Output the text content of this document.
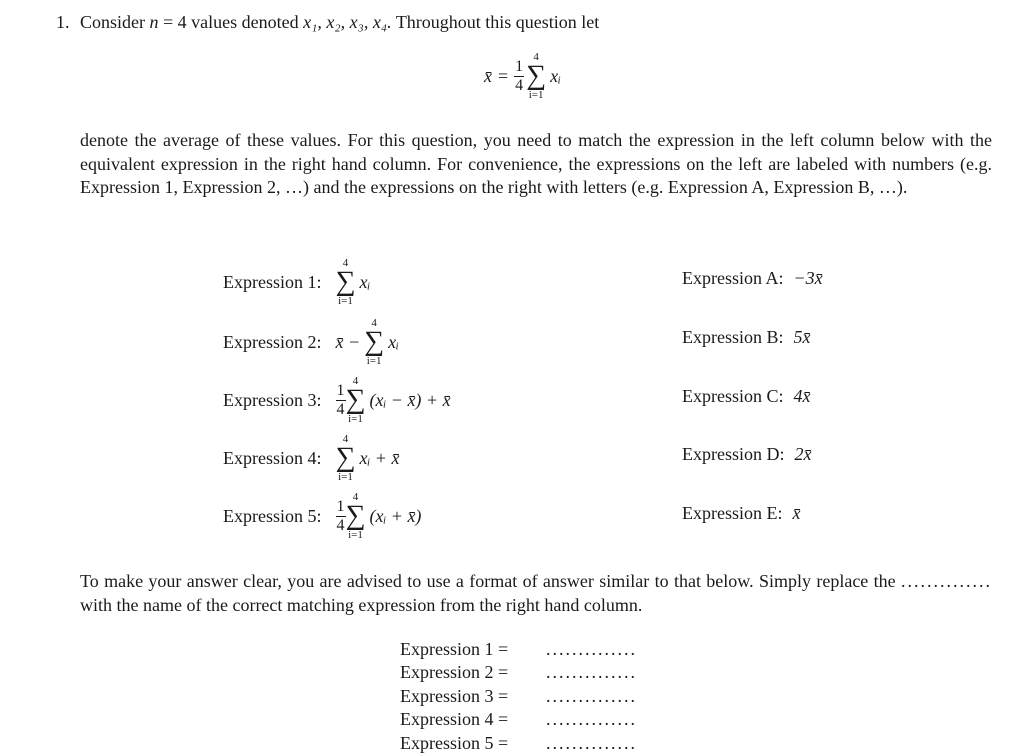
1. Consider n = 4 values denoted x₁, x₂, x₃, x₄. Throughout this question let
x̄ = $\frac{1}{4}$
4
∑
i=1
xᵢ
denote the average of these values. For this question, you need to match the expression in the left column below with the equivalent expression in the right hand column. For convenience, the expressions on the left are labeled with numbers (e.g. Expression 1, Expression 2, …) and the expressions on the right with letters (e.g. Expression A, Expression B, …).
Expression 1:
4
∑
i=1
xᵢ
Expression 2: x̄ −
4
∑
i=1
xᵢ
Expression 3: $\frac{1}{4}$
4
∑
i=1
(xᵢ − x̄) + x̄
Expression 4:
4
∑
i=1
xᵢ + x̄
Expression 5: $\frac{1}{4}$
4
∑
i=1
(xᵢ + x̄)
Expression A: −3x̄
Expression B: 5x̄
Expression C: 4x̄
Expression D: 2x̄
Expression E: x̄
To make your answer clear, you are advised to use a format of answer similar to that below. Simply replace the .............. with the name of the correct matching expression from the right hand column.
Expression 1 = ..............
Expression 2 = ..............
Expression 3 = ..............
Expression 4 = ..............
Expression 5 = ..............
